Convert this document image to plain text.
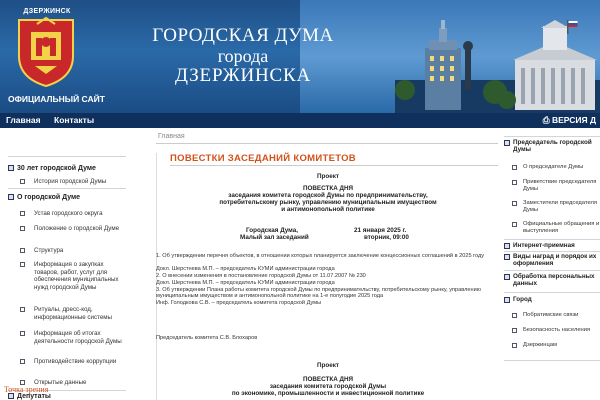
ДЗЕРЖИНСК
ОФИЦИАЛЬНЫЙ САЙТ
ГОРОДСКАЯ ДУМА
города
ДЗЕРЖИНСКА
Главная Контакты	⎙ ВЕРСИЯ Д
30 лет городской Думе
История городской Думы
О городской Думе
Устав городского округа
Положение о городской Думе
Структура
Информация о закупках товаров, работ, услуг для обеспечения муниципальных нужд городской Думы
Ритуалы, дресс-код, информационные системы
Информация об итогах деятельности городской Думы
Противодействие коррупции
Открытые данные
Депутаты
Главная
ПОВЕСТКИ ЗАСЕДАНИЙ КОМИТЕТОВ
Проект
ПОВЕСТКА ДНЯ
заседания комитета городской Думы по предпринимательству,
потребительскому рынку, управлению муниципальным имуществом
и антимонопольной политике
Городская Дума,
Малый зал заседаний
21 января 2025 г.
вторник, 09:00
1. Об утверждении перечня объектов, в отношении которых планируется заключение концессионных соглашений в 2025 году
Докл. Шерстнева М.П. – председатель КУМИ администрации города
2. О внесении изменения в постановление городской Думы от 11.07.2007 № 230
Докл. Шерстнева М.П. – председатель КУМИ администрации города
3. Об утверждении Плана работы комитета городской Думы по предпринимательству, потребительскому рынку, управлению муниципальным имуществом и антимонопольной политике на 1-е полугодие 2025 года
Инф. Голодкова С.В. – председатель комитета городской Думы
Председатель комитета С.В. Блохаров
Проект
ПОВЕСТКА ДНЯ
заседания комитета городской Думы
по экономике, промышленности и инвестиционной политике
Председатель городской Думы
О председателе Думы
Приветствие председателя Думы
Заместители председателя Думы
Официальные обращения и выступления
Интернет-приемная
Виды наград и порядок их оформления
Обработка персональных данных
Город
Побратимские связи
Безопасность населения
Дзержинцам
Точка зрения
